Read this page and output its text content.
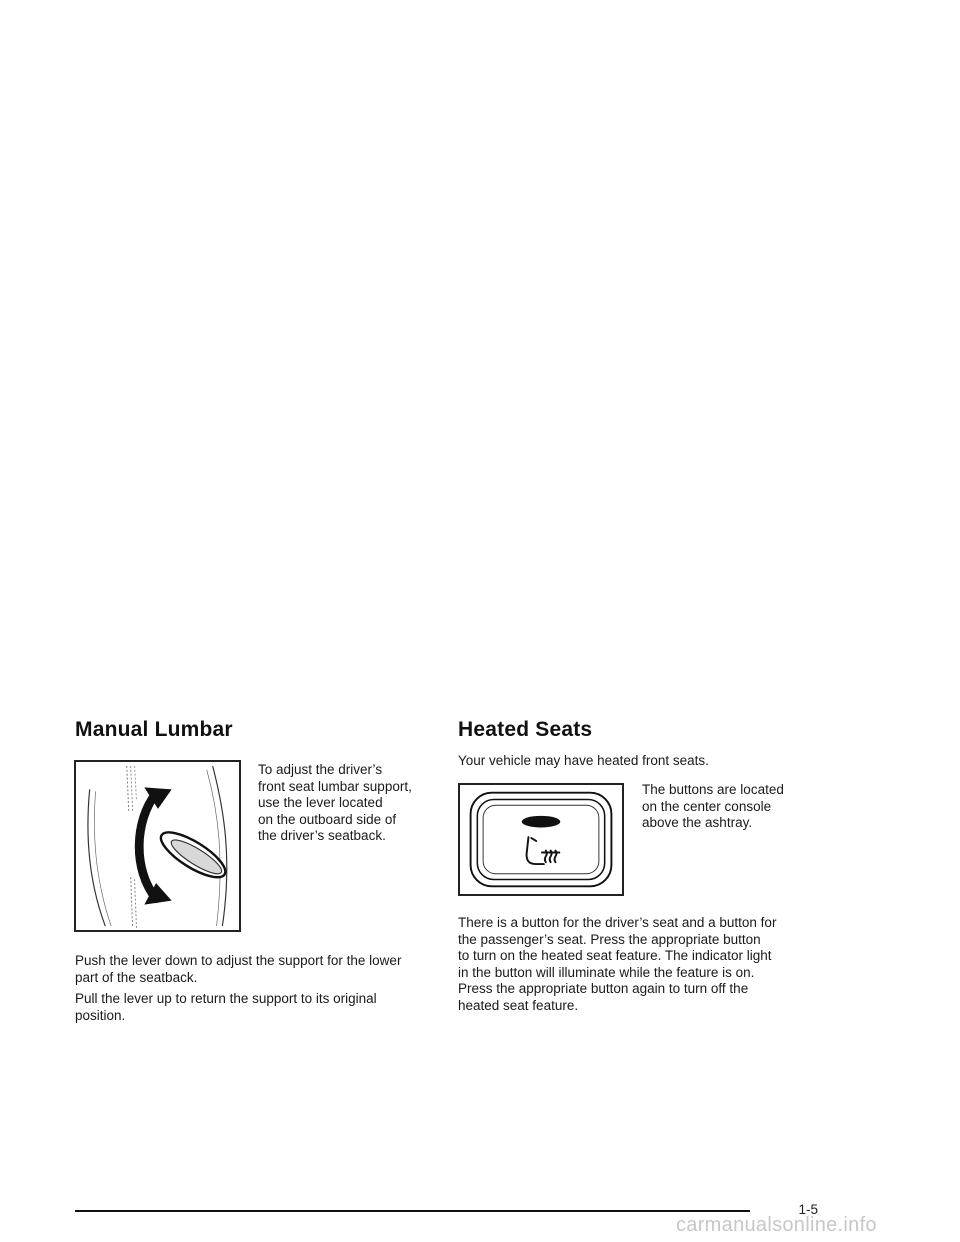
Manual Lumbar

To adjust the driver’s
front seat lumbar support,
use the lever located
on the outboard side of
the driver’s seatback.

Push the lever down to adjust the support for the lower
part of the seatback.

Pull the lever up to return the support to its original
position.

Heated Seats

Your vehicle may have heated front seats.

The buttons are located
on the center console
above the ashtray.

There is a button for the driver’s seat and a button for
the passenger’s seat. Press the appropriate button
to turn on the heated seat feature. The indicator light
in the button will illuminate while the feature is on.
Press the appropriate button again to turn off the
heated seat feature.

1-5
carmanualsonline.info
